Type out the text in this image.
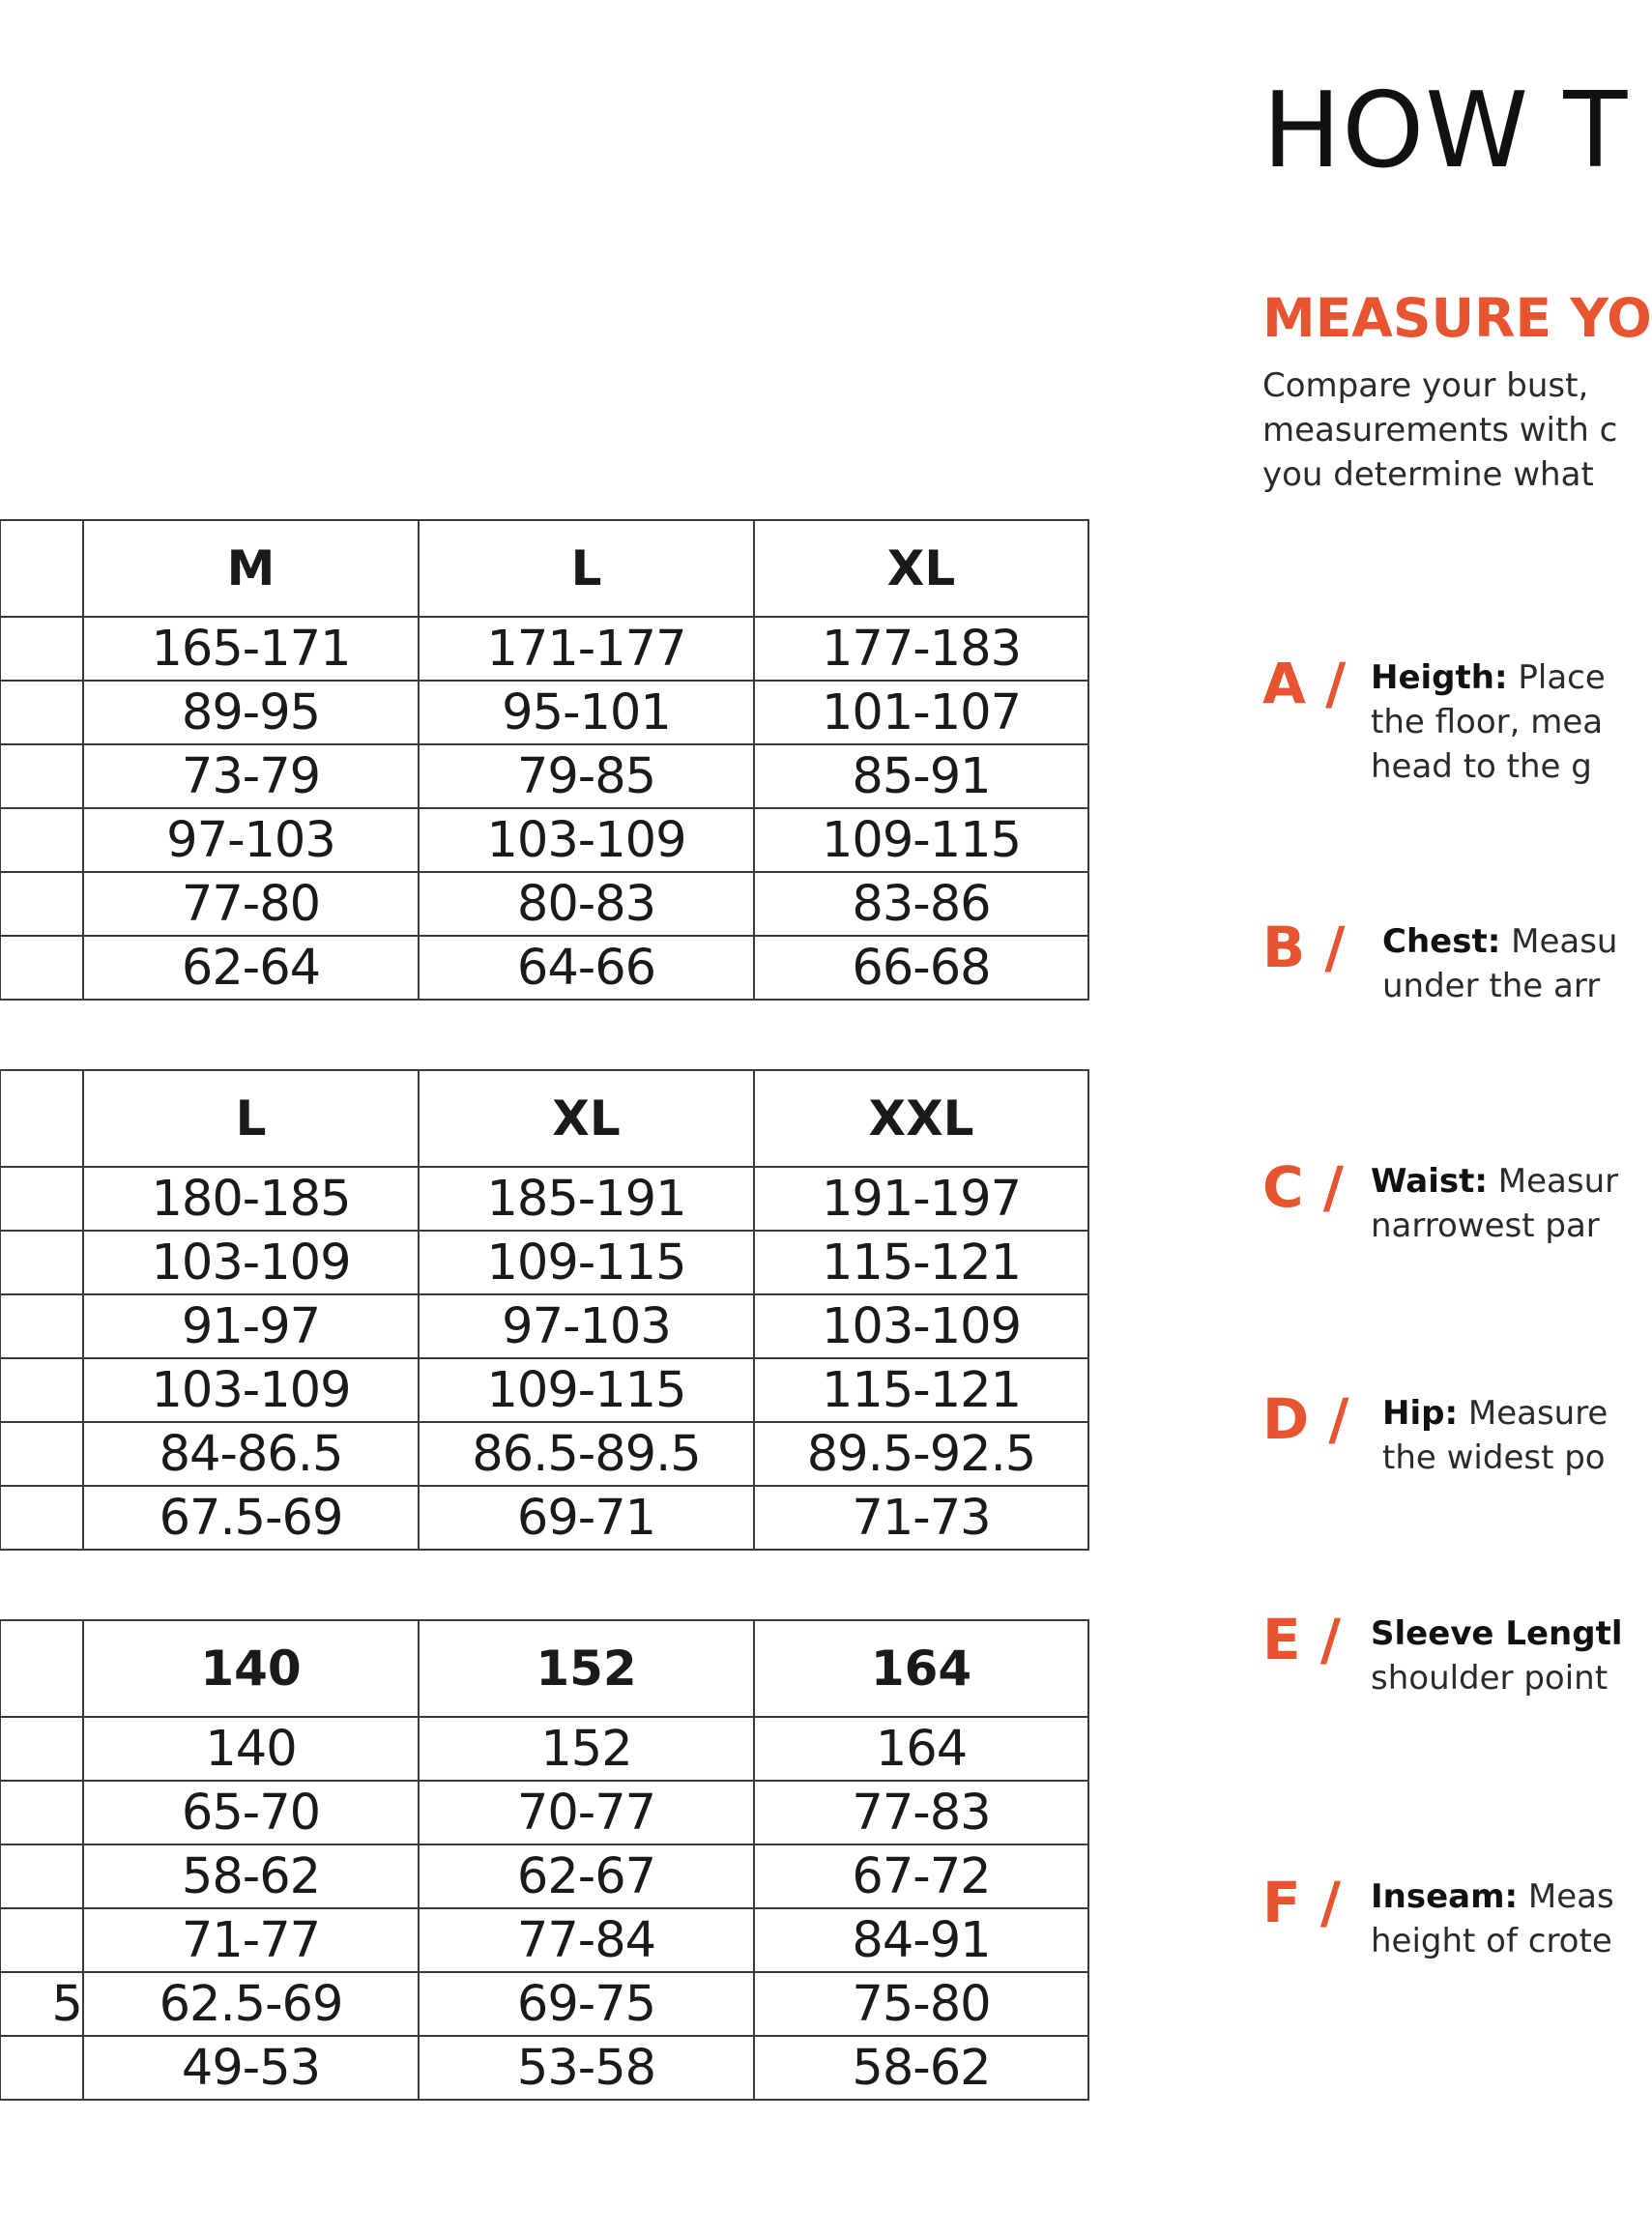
	M	L	XL
	165-171	171-177	177-183
	89-95	95-101	101-107
	73-79	79-85	85-91
	97-103	103-109	109-115
	77-80	80-83	83-86
	62-64	64-66	66-68
	L	XL	XXL
	180-185	185-191	191-197
	103-109	109-115	115-121
	91-97	97-103	103-109
	103-109	109-115	115-121
	84-86.5	86.5-89.5	89.5-92.5
	67.5-69	69-71	71-73
	140	152	164
	140	152	164
	65-70	70-77	77-83
	58-62	62-67	67-72
	71-77	77-84	84-91
5	62.5-69	69-75	75-80
	49-53	53-58	58-62
HOW T
MEASURE YO
Compare your bust,
measurements with c
you determine what
A / Heigth: Place
the floor, mea
head to the g
B / Chest: Measu
under the arr
C / Waist: Measur
narrowest par
D / Hip: Measure
the widest po
E / Sleeve Lengtl
shoulder point
F / Inseam: Meas
height of crote
